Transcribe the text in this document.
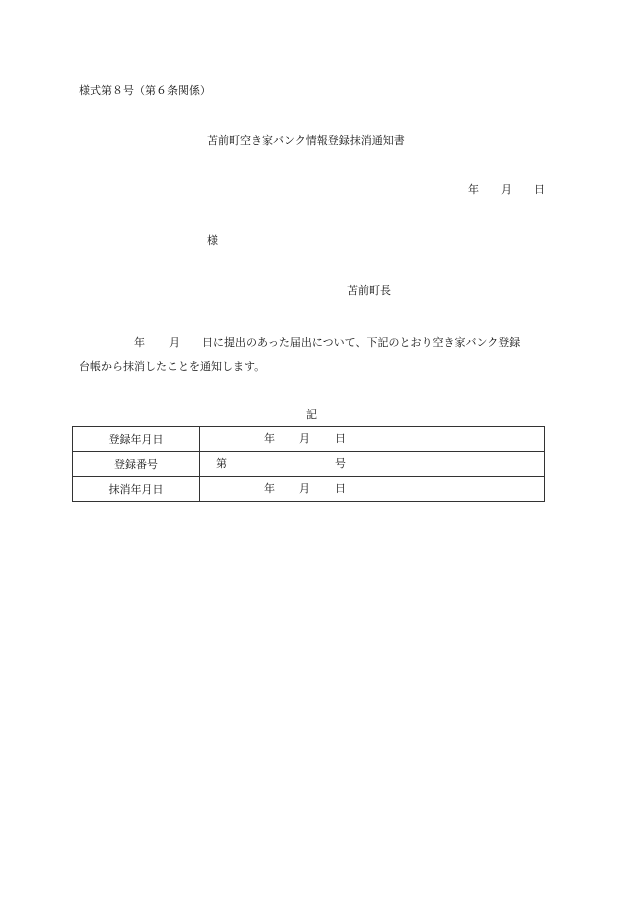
様式第８号（第６条関係）
苫前町空き家バンク情報登録抹消通知書
年 月 日
様
苫前町長
年 月 日に提出のあった届出について、下記のとおり空き家バンク登録
台帳から抹消したことを通知します。
記
登録年月日	年 月 日

登録番号	第 号

抹消年月日	年 月 日
